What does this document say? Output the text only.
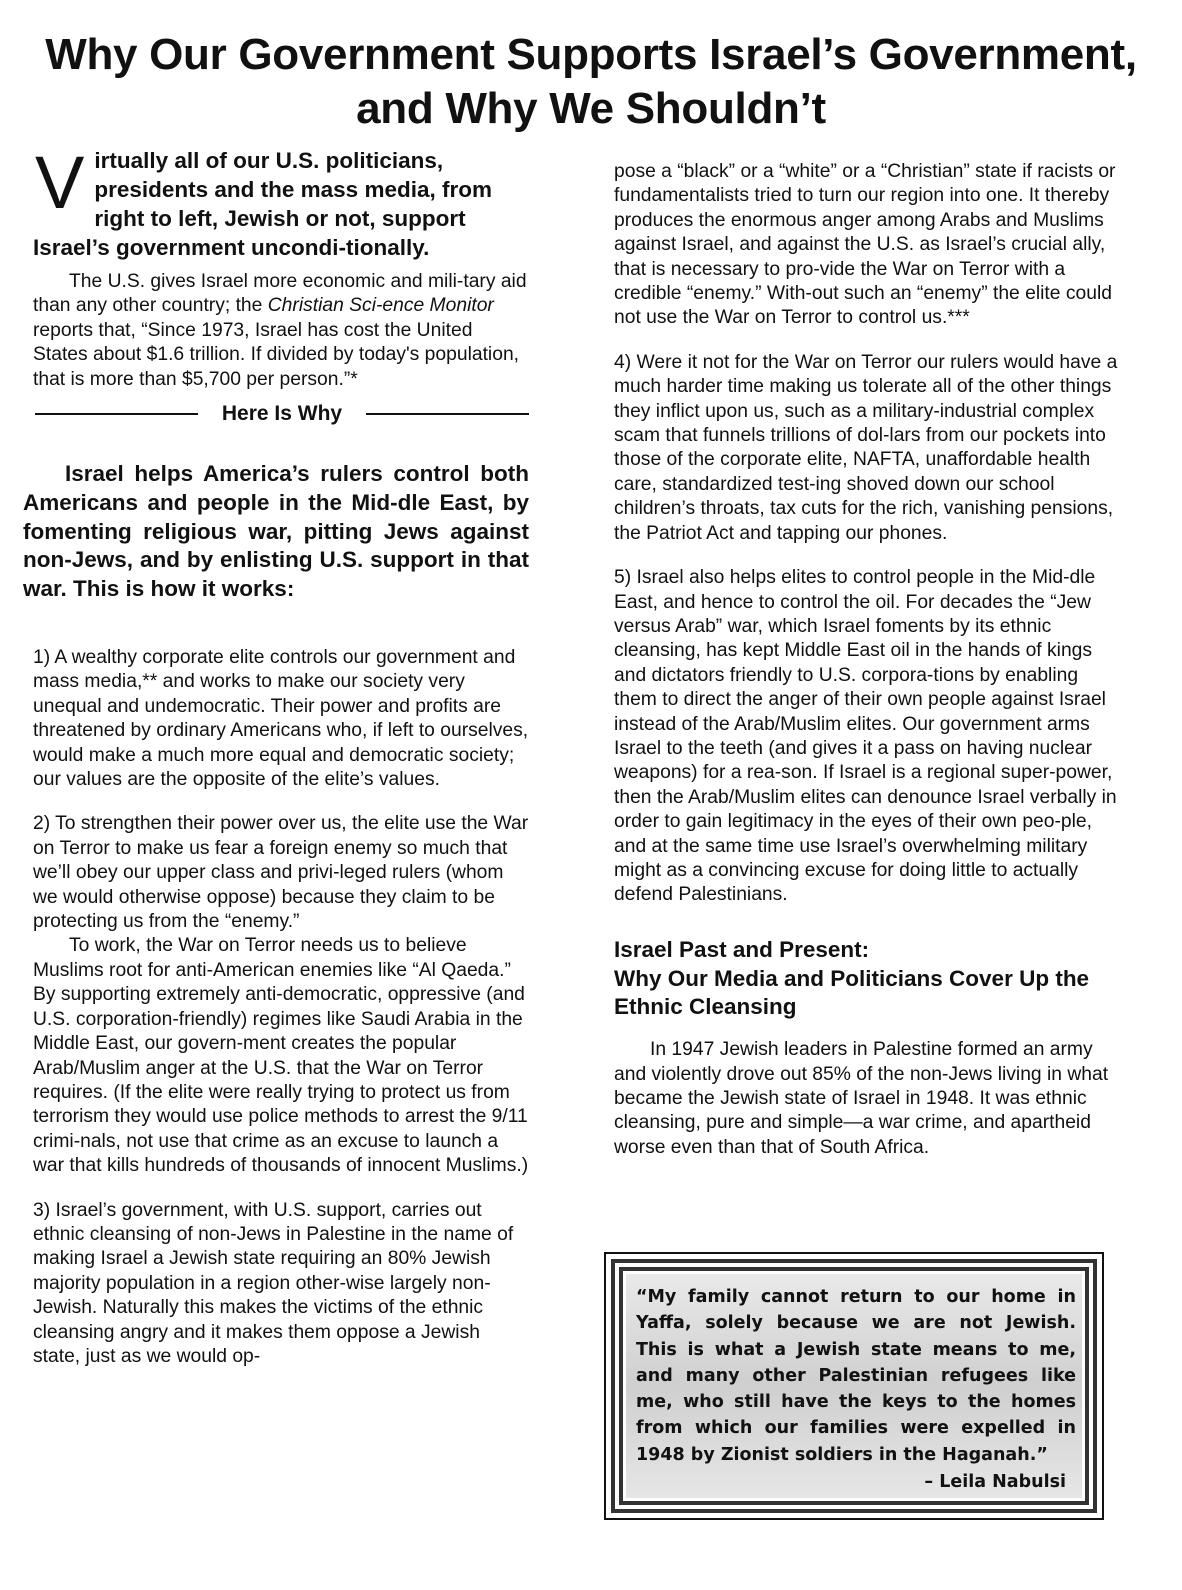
Why Our Government Supports Israel’s Government,
and Why We Shouldn’t

Virtually all of our U.S. politicians, presidents and the mass media, from right to left, Jewish or not, support Israel’s government uncondi-tionally.

The U.S. gives Israel more economic and mili-tary aid than any other country; the Christian Sci-ence Monitor reports that, “Since 1973, Israel has cost the United States about $1.6 trillion. If divided by today's population, that is more than $5,700 per person.”*

Here Is Why

Israel helps America’s rulers control both Americans and people in the Mid-dle East, by fomenting religious war, pitting Jews against non-Jews, and by enlisting U.S. support in that war. This is how it works:

1) A wealthy corporate elite controls our government and mass media,** and works to make our society very unequal and undemocratic. Their power and profits are threatened by ordinary Americans who, if left to ourselves, would make a much more equal and democratic society; our values are the opposite of the elite’s values.

2) To strengthen their power over us, the elite use the War on Terror to make us fear a foreign enemy so much that we’ll obey our upper class and privi-leged rulers (whom we would otherwise oppose) because they claim to be protecting us from the “enemy.”

To work, the War on Terror needs us to believe Muslims root for anti-American enemies like “Al Qaeda.” By supporting extremely anti-democratic, oppressive (and U.S. corporation-friendly) regimes like Saudi Arabia in the Middle East, our govern-ment creates the popular Arab/Muslim anger at the U.S. that the War on Terror requires. (If the elite were really trying to protect us from terrorism they would use police methods to arrest the 9/11 crimi-nals, not use that crime as an excuse to launch a war that kills hundreds of thousands of innocent Muslims.)

3) Israel’s government, with U.S. support, carries out ethnic cleansing of non-Jews in Palestine in the name of making Israel a Jewish state requiring an 80% Jewish majority population in a region other-wise largely non-Jewish. Naturally this makes the victims of the ethnic cleansing angry and it makes them oppose a Jewish state, just as we would op-

pose a “black” or a “white” or a “Christian” state if racists or fundamentalists tried to turn our region into one. It thereby produces the enormous anger among Arabs and Muslims against Israel, and against the U.S. as Israel’s crucial ally, that is necessary to pro-vide the War on Terror with a credible “enemy.” With-out such an “enemy” the elite could not use the War on Terror to control us.***

4) Were it not for the War on Terror our rulers would have a much harder time making us tolerate all of the other things they inflict upon us, such as a military-industrial complex scam that funnels trillions of dol-lars from our pockets into those of the corporate elite, NAFTA, unaffordable health care, standardized test-ing shoved down our school children’s throats, tax cuts for the rich, vanishing pensions, the Patriot Act and tapping our phones.

5) Israel also helps elites to control people in the Mid-dle East, and hence to control the oil. For decades the “Jew versus Arab” war, which Israel foments by its ethnic cleansing, has kept Middle East oil in the hands of kings and dictators friendly to U.S. corpora-tions by enabling them to direct the anger of their own people against Israel instead of the Arab/Muslim elites. Our government arms Israel to the teeth (and gives it a pass on having nuclear weapons) for a rea-son. If Israel is a regional super-power, then the Arab/Muslim elites can denounce Israel verbally in order to gain legitimacy in the eyes of their own peo-ple, and at the same time use Israel’s overwhelming military might as a convincing excuse for doing little to actually defend Palestinians.

Israel Past and Present:
Why Our Media and Politicians Cover Up the Ethnic Cleansing

In 1947 Jewish leaders in Palestine formed an army and violently drove out 85% of the non-Jews living in what became the Jewish state of Israel in 1948. It was ethnic cleansing, pure and simple—a war crime, and apartheid worse even than that of South Africa.

“My family cannot return to our home in Yaffa, solely because we are not Jewish. This is what a Jewish state means to me, and many other Palestinian refugees like me, who still have the keys to the homes from which our families were expelled in 1948 by Zionist soldiers in the Haganah.”
– Leila Nabulsi
